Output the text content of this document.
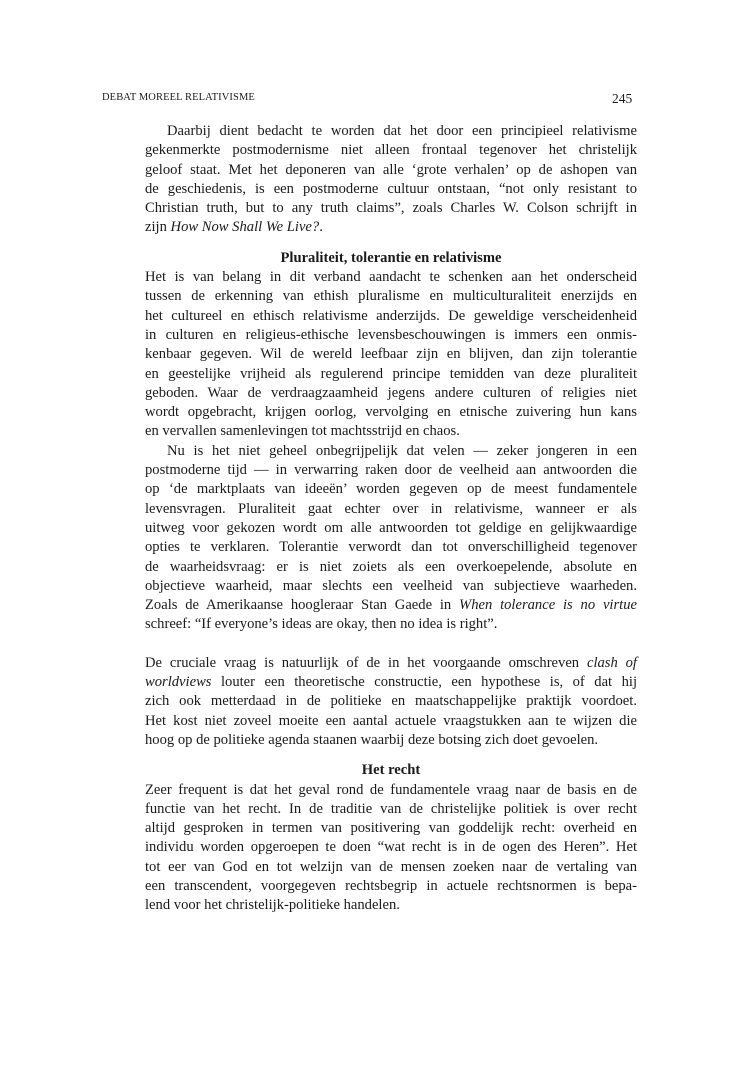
DEBAT MOREEL RELATIVISME	245

Daarbij dient bedacht te worden dat het door een principieel relativisme
gekenmerkte postmodernisme niet alleen frontaal tegenover het christelijk
geloof staat. Met het deponeren van alle ‘grote verhalen’ op de ashopen van
de geschiedenis, is een postmoderne cultuur ontstaan, “not only resistant to
Christian truth, but to any truth claims”, zoals Charles W. Colson schrijft in
zijn How Now Shall We Live?.

Pluraliteit, tolerantie en relativisme

Het is van belang in dit verband aandacht te schenken aan het onderscheid
tussen de erkenning van ethish pluralisme en multiculturaliteit enerzijds en
het cultureel en ethisch relativisme anderzijds. De geweldige verscheidenheid
in culturen en religieus-ethische levensbeschouwingen is immers een onmis-
kenbaar gegeven. Wil de wereld leefbaar zijn en blijven, dan zijn tolerantie
en geestelijke vrijheid als regulerend principe temidden van deze pluraliteit
geboden. Waar de verdraagzaamheid jegens andere culturen of religies niet
wordt opgebracht, krijgen oorlog, vervolging en etnische zuivering hun kans
en vervallen samenlevingen tot machtsstrijd en chaos.

Nu is het niet geheel onbegrijpelijk dat velen — zeker jongeren in een
postmoderne tijd — in verwarring raken door de veelheid aan antwoorden die
op ‘de marktplaats van ideeën’ worden gegeven op de meest fundamentele
levensvragen. Pluraliteit gaat echter over in relativisme, wanneer er als
uitweg voor gekozen wordt om alle antwoorden tot geldige en gelijkwaardige
opties te verklaren. Tolerantie verwordt dan tot onverschilligheid tegenover
de waarheidsvraag: er is niet zoiets als een overkoepelende, absolute en
objectieve waarheid, maar slechts een veelheid van subjectieve waarheden.
Zoals de Amerikaanse hoogleraar Stan Gaede in When tolerance is no virtue
schreef: “If everyone’s ideas are okay, then no idea is right”.

De cruciale vraag is natuurlijk of de in het voorgaande omschreven clash of
worldviews louter een theoretische constructie, een hypothese is, of dat hij
zich ook metterdaad in de politieke en maatschappelijke praktijk voordoet.
Het kost niet zoveel moeite een aantal actuele vraagstukken aan te wijzen die
hoog op de politieke agenda staanen waarbij deze botsing zich doet gevoelen.

Het recht

Zeer frequent is dat het geval rond de fundamentele vraag naar de basis en de
functie van het recht. In de traditie van de christelijke politiek is over recht
altijd gesproken in termen van positivering van goddelijk recht: overheid en
individu worden opgeroepen te doen “wat recht is in de ogen des Heren”. Het
tot eer van God en tot welzijn van de mensen zoeken naar de vertaling van
een transcendent, voorgegeven rechtsbegrip in actuele rechtsnormen is bepa-
lend voor het christelijk-politieke handelen.
